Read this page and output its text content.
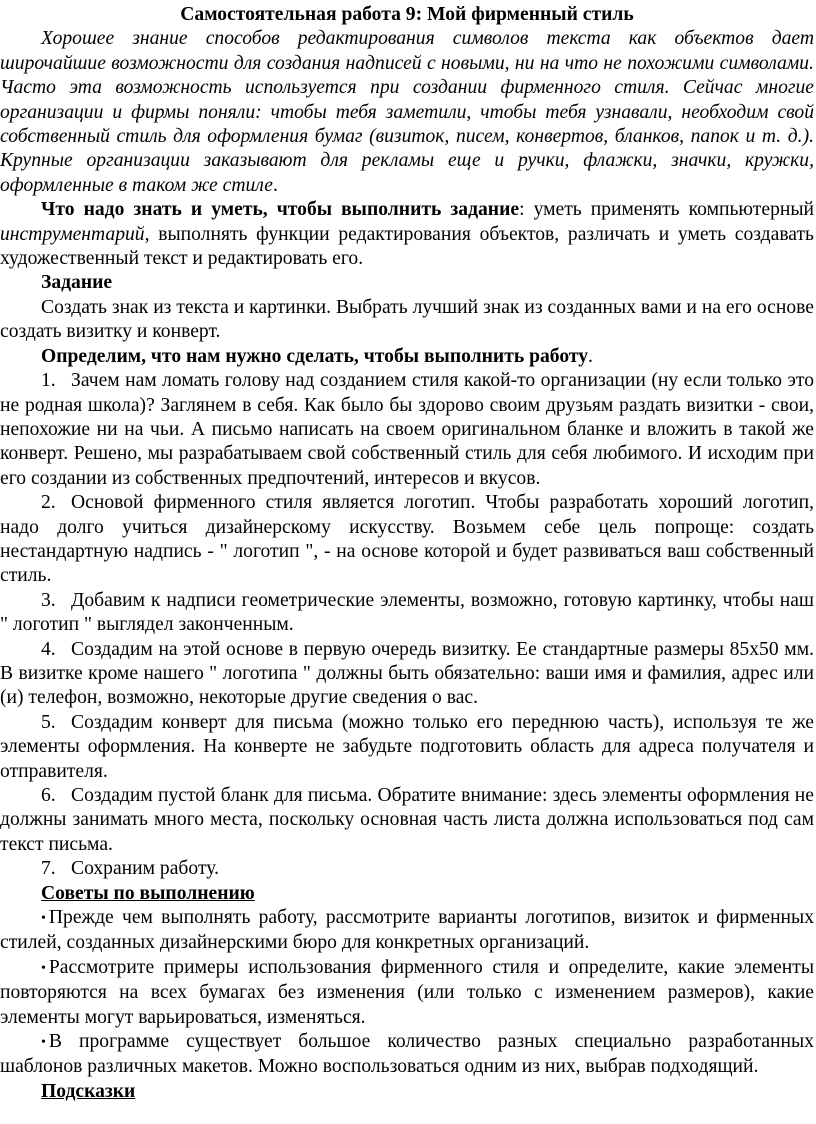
Самостоятельная работа 9: Мой фирменный стиль

Хорошее знание способов редактирования символов текста как объектов дает широчайшие возможности для создания надписей с новыми, ни на что не похожими символами. Часто эта возможность используется при создании фирменного стиля. Сейчас многие организации и фирмы поняли: чтобы тебя заметили, чтобы тебя узнавали, необходим свой собственный стиль для оформления бумаг (визиток, писем, конвертов, бланков, папок и т. д.). Крупные организации заказывают для рекламы еще и ручки, флажки, значки, кружки, оформленные в таком же стиле.

Что надо знать и уметь, чтобы выполнить задание: уметь применять компьютерный инструментарий, выполнять функции редактирования объектов, различать и уметь создавать художественный текст и редактировать его.

Задание

Создать знак из текста и картинки. Выбрать лучший знак из созданных вами и на его основе создать визитку и конверт.

Определим, что нам нужно сделать, чтобы выполнить работу.

1. Зачем нам ломать голову над созданием стиля какой-то организации (ну если только это не родная школа)? Заглянем в себя. Как было бы здорово своим друзьям раздать визитки - свои, непохожие ни на чьи. А письмо написать на своем оригинальном бланке и вложить в такой же конверт. Решено, мы разрабатываем свой собственный стиль для себя любимого. И исходим при его создании из собственных предпочтений, интересов и вкусов.

2. Основой фирменного стиля является логотип. Чтобы разработать хороший логотип, надо долго учиться дизайнерскому искусству. Возьмем себе цель попроще: создать нестандартную надпись - " логотип ", - на основе которой и будет развиваться ваш собственный стиль.

3. Добавим к надписи геометрические элементы, возможно, готовую картинку, чтобы наш " логотип " выглядел законченным.

4. Создадим на этой основе в первую очередь визитку. Ее стандартные размеры 85x50 мм. В визитке кроме нашего " логотипа " должны быть обязательно: ваши имя и фамилия, адрес или (и) телефон, возможно, некоторые другие сведения о вас.

5. Создадим конверт для письма (можно только его переднюю часть), используя те же элементы оформления. На конверте не забудьте подготовить область для адреса получателя и отправителя.

6. Создадим пустой бланк для письма. Обратите внимание: здесь элементы оформления не должны занимать много места, поскольку основная часть листа должна использоваться под сам текст письма.

7. Сохраним работу.

Советы по выполнению

• Прежде чем выполнять работу, рассмотрите варианты логотипов, визиток и фирменных стилей, созданных дизайнерскими бюро для конкретных организаций.

• Рассмотрите примеры использования фирменного стиля и определите, какие элементы повторяются на всех бумагах без изменения (или только с изменением размеров), какие элементы могут варьироваться, изменяться.

• В программе существует большое количество разных специально разработанных шаблонов различных макетов. Можно воспользоваться одним из них, выбрав подходящий.

Подсказки
